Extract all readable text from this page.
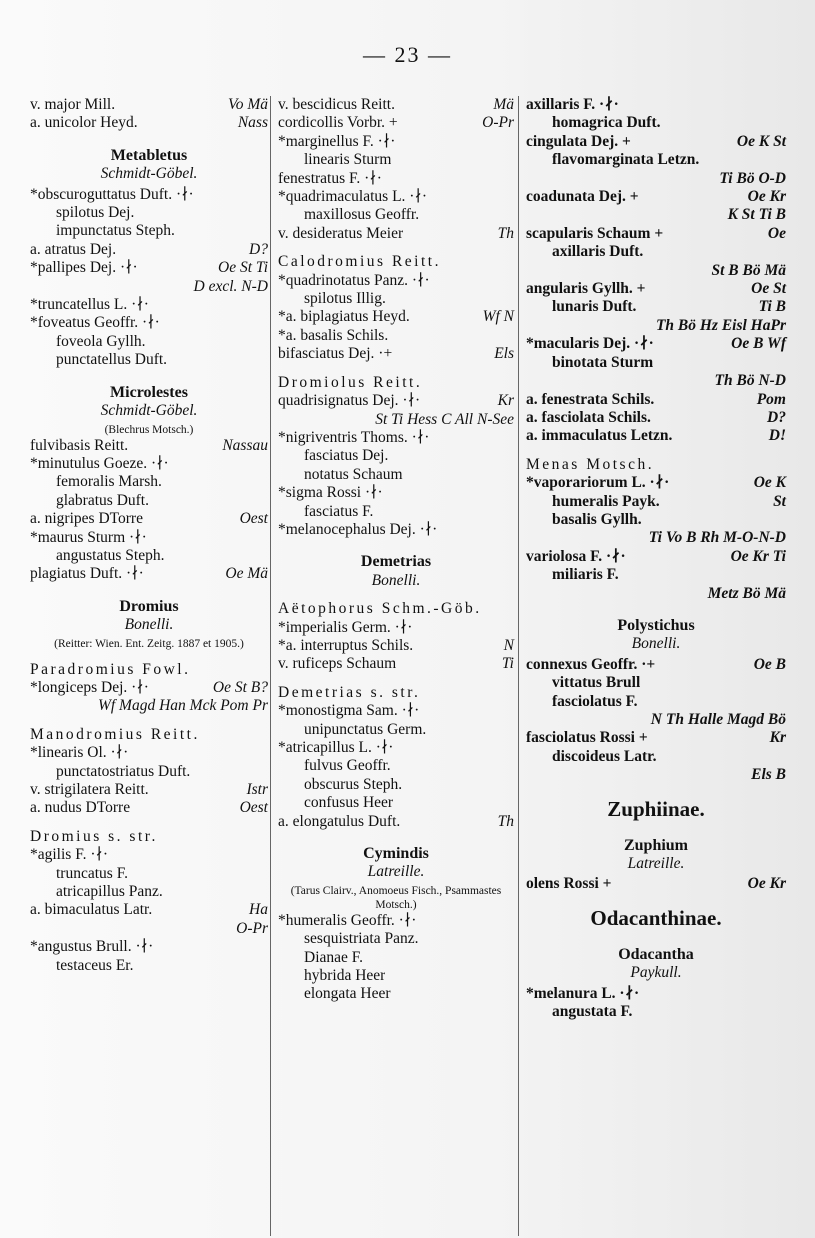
— 23 —
v. major Mill.	Vo Mä
a. unicolor Heyd.	Nass
Metabletus
Schmidt-Göbel.
*obscuroguttatus Duft. ·∤·
spilotus Dej.
impunctatus Steph.
a. atratus Dej.	D?
*pallipes Dej. ·∤·	Oe St Ti
D excl. N-D
*truncatellus L. ·∤·
*foveatus Geoffr. ·∤·
foveola Gyllh.
punctatellus Duft.
Microlestes
Schmidt-Göbel.
(Blechrus Motsch.)
fulvibasis Reitt.	Nassau
*minutulus Goeze. ·∤·
femoralis Marsh.
glabratus Duft.
a. nigripes DTorre	Oest
*maurus Sturm ·∤·
angustatus Steph.
plagiatus Duft. ·∤·	Oe Mä
Dromius
Bonelli.
(Reitter: Wien. Ent. Zeitg. 1887 et 1905.)
Paradromius Fowl.
*longiceps Dej. ·∤·	Oe St B?
Wf Magd Han Mck Pom Pr
Manodromius Reitt.
*linearis Ol. ·∤·
punctatostriatus Duft.
v. strigilatera Reitt.	Istr
a. nudus DTorre	Oest
Dromius s. str.
*agilis F. ·∤·
truncatus F.
atricapillus Panz.
a. bimaculatus Latr.	Ha
O-Pr
*angustus Brull. ·∤·
testaceus Er.
v. bescidicus Reitt.	Mä
cordicollis Vorbr. +	O-Pr
*marginellus F. ·∤·
linearis Sturm
fenestratus F. ·∤·
*quadrimaculatus L. ·∤·
maxillosus Geoffr.
v. desideratus Meier	Th
Calodromius Reitt.
*quadrinotatus Panz. ·∤·
spilotus Illig.
*a. biplagiatus Heyd.	Wf N
*a. basalis Schils.
bifasciatus Dej. ·+	Els
Dromiolus Reitt.
quadrisignatus Dej. ·∤·	Kr
St Ti Hess C All N-See
*nigriventris Thoms. ·∤·
fasciatus Dej.
notatus Schaum
*sigma Rossi ·∤·
fasciatus F.
*melanocephalus Dej. ·∤·
Demetrias
Bonelli.
Aëtophorus Schm.-Göb.
*imperialis Germ. ·∤·
*a. interruptus Schils.	N
v. ruficeps Schaum	Ti
Demetrias s. str.
*monostigma Sam. ·∤·
unipunctatus Germ.
*atricapillus L. ·∤·
fulvus Geoffr.
obscurus Steph.
confusus Heer
a. elongatulus Duft.	Th
Cymindis
Latreille.
(Tarus Clairv., Anomoeus Fisch., Psammastes Motsch.)
*humeralis Geoffr. ·∤·
sesquistriata Panz.
Dianae F.
hybrida Heer
elongata Heer
axillaris F. ·∤·
homagrica Duft.
cingulata Dej. +	Oe K St
flavomarginata Letzn.
Ti Bö O-D
coadunata Dej. +	Oe Kr
K St Ti B
scapularis Schaum +	Oe
axillaris Duft.
St B Bö Mä
angularis Gyllh. +	Oe St
lunaris Duft.	Ti B
Th Bö Hz Eisl HaPr
*macularis Dej. ·∤·	Oe B Wf
binotata Sturm
Th Bö N-D
a. fenestrata Schils.	Pom
a. fasciolata Schils.	D?
a. immaculatus Letzn.	D!
Menas Motsch.
*vaporariorum L. ·∤·	Oe K
humeralis Payk.	St
basalis Gyllh.
Ti Vo B Rh M-O-N-D
variolosa F. ·∤·	Oe Kr Ti
miliaris F.
Metz Bö Mä
Polystichus
Bonelli.
connexus Geoffr. ·+	Oe B
vittatus Brull
fasciolatus F.
N Th Halle Magd Bö
fasciolatus Rossi +	Kr
discoideus Latr.
Els B
Zuphiinae.
Zuphium
Latreille.
olens Rossi +	Oe Kr
Odacanthinae.
Odacantha
Paykull.
*melanura L. ·∤·
angustata F.
